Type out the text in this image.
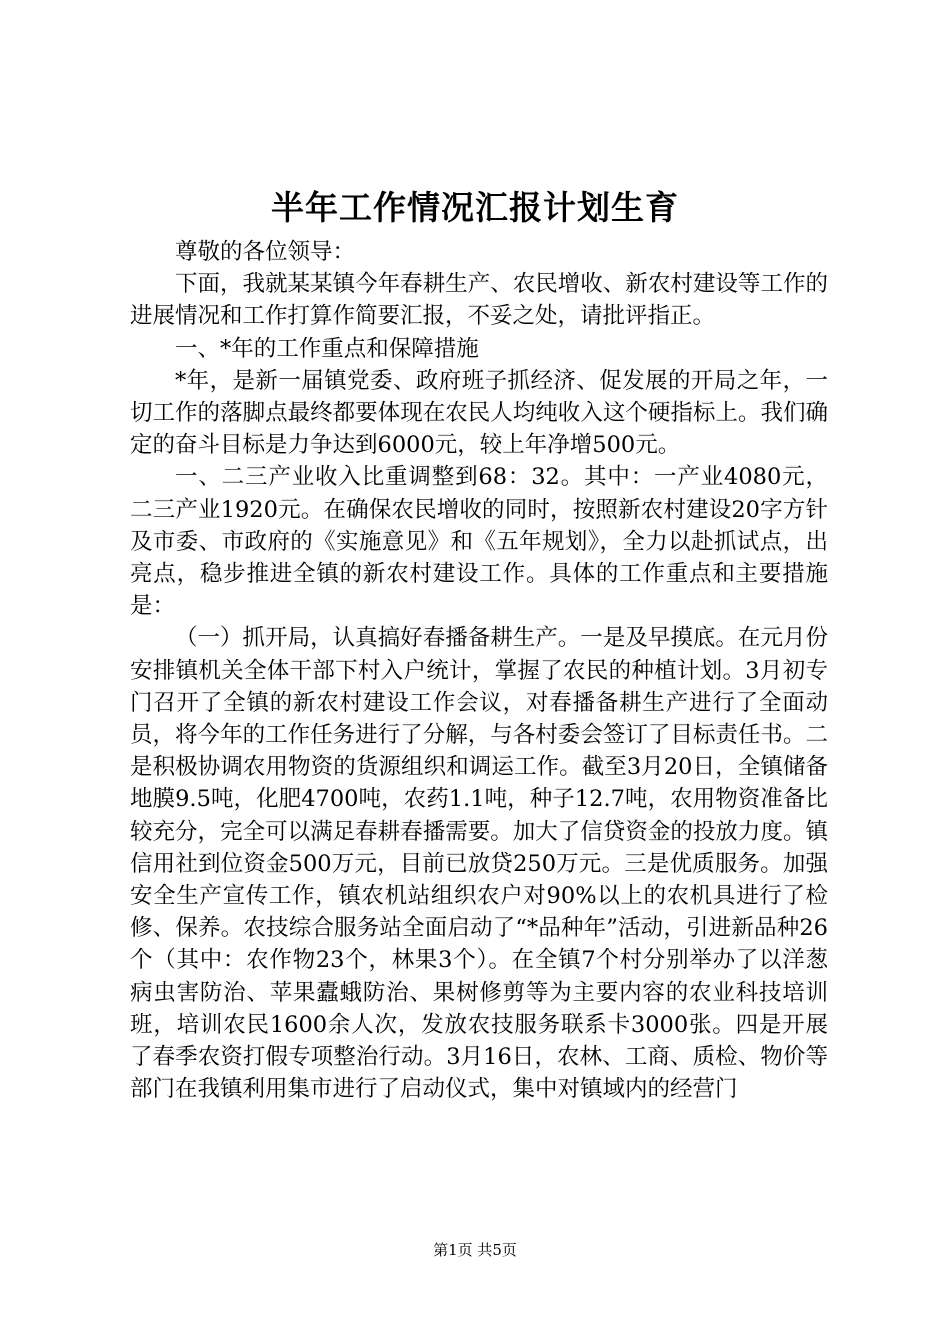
半年工作情况汇报计划生育

尊敬的各位领导：

下面，我就某某镇今年春耕生产、农民增收、新农村建设等工作的进展情况和工作打算作简要汇报，不妥之处，请批评指正。

一、*年的工作重点和保障措施

*年，是新一届镇党委、政府班子抓经济、促发展的开局之年，一切工作的落脚点最终都要体现在农民人均纯收入这个硬指标上。我们确定的奋斗目标是力争达到6000元，较上年净增500元。

一、二三产业收入比重调整到68：32。其中：一产业4080元，二三产业1920元。在确保农民增收的同时，按照新农村建设20字方针及市委、市政府的《实施意见》和《五年规划》，全力以赴抓试点，出亮点，稳步推进全镇的新农村建设工作。具体的工作重点和主要措施是：

（一）抓开局，认真搞好春播备耕生产。一是及早摸底。在元月份安排镇机关全体干部下村入户统计，掌握了农民的种植计划。3月初专门召开了全镇的新农村建设工作会议，对春播备耕生产进行了全面动员，将今年的工作任务进行了分解，与各村委会签订了目标责任书。二是积极协调农用物资的货源组织和调运工作。截至3月20日，全镇储备地膜9.5吨，化肥4700吨，农药1.1吨，种子12.7吨，农用物资准备比较充分，完全可以满足春耕春播需要。加大了信贷资金的投放力度。镇信用社到位资金500万元，目前已放贷250万元。三是优质服务。加强安全生产宣传工作，镇农机站组织农户对90%以上的农机具进行了检修、保养。农技综合服务站全面启动了“*品种年”活动，引进新品种26个（其中：农作物23个，林果3个）。在全镇7个村分别举办了以洋葱病虫害防治、苹果蠹蛾防治、果树修剪等为主要内容的农业科技培训班，培训农民1600余人次，发放农技服务联系卡3000张。四是开展了春季农资打假专项整治行动。3月16日，农林、工商、质检、物价等部门在我镇利用集市进行了启动仪式，集中对镇域内的经营门

第1页 共5页
